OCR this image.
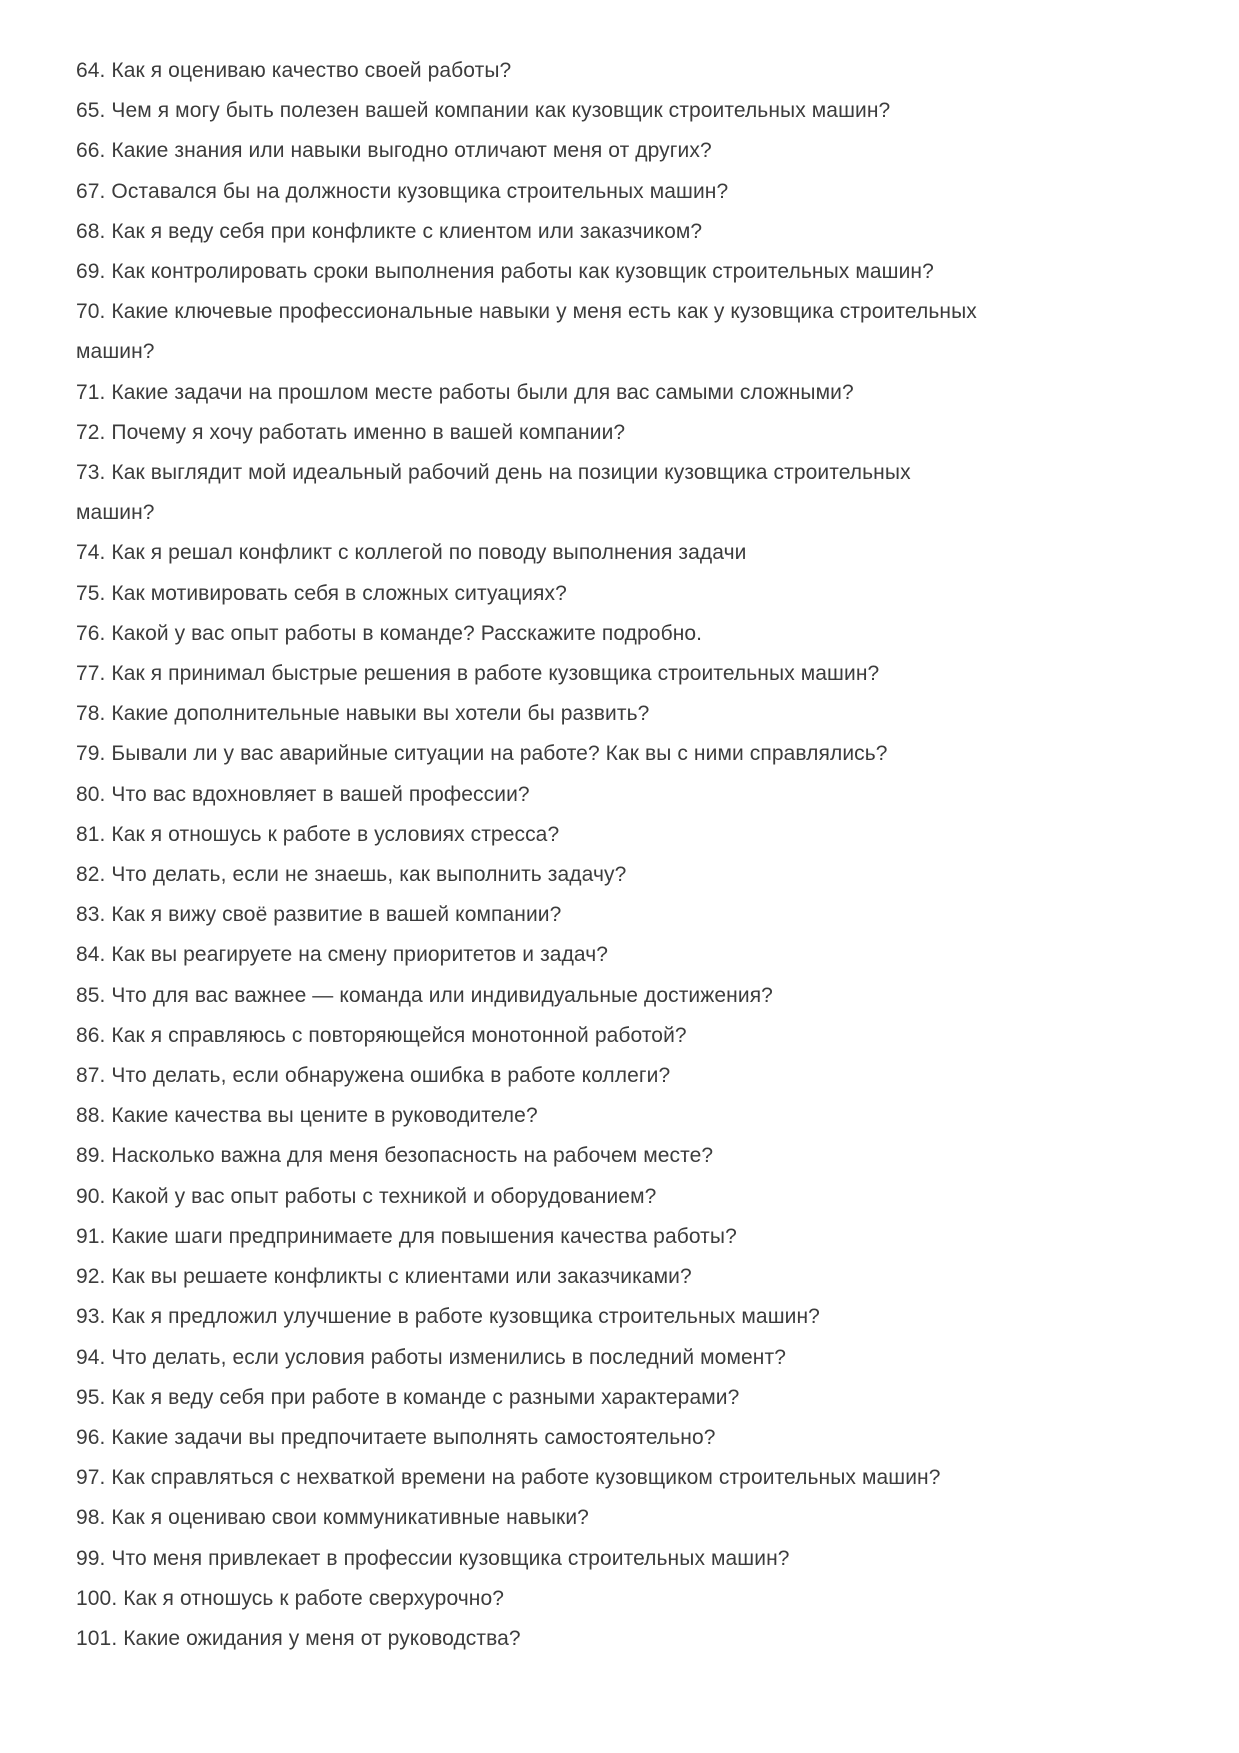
64. Как я оцениваю качество своей работы?

65. Чем я могу быть полезен вашей компании как кузовщик строительных машин?

66. Какие знания или навыки выгодно отличают меня от других?

67. Оставался бы на должности кузовщика строительных машин?

68. Как я веду себя при конфликте с клиентом или заказчиком?

69. Как контролировать сроки выполнения работы как кузовщик строительных машин?

70. Какие ключевые профессиональные навыки у меня есть как у кузовщика строительных
машин?

71. Какие задачи на прошлом месте работы были для вас самыми сложными?

72. Почему я хочу работать именно в вашей компании?

73. Как выглядит мой идеальный рабочий день на позиции кузовщика строительных
машин?

74. Как я решал конфликт с коллегой по поводу выполнения задачи

75. Как мотивировать себя в сложных ситуациях?

76. Какой у вас опыт работы в команде? Расскажите подробно.

77. Как я принимал быстрые решения в работе кузовщика строительных машин?

78. Какие дополнительные навыки вы хотели бы развить?

79. Бывали ли у вас аварийные ситуации на работе? Как вы с ними справлялись?

80. Что вас вдохновляет в вашей профессии?

81. Как я отношусь к работе в условиях стресса?

82. Что делать, если не знаешь, как выполнить задачу?

83. Как я вижу своё развитие в вашей компании?

84. Как вы реагируете на смену приоритетов и задач?

85. Что для вас важнее — команда или индивидуальные достижения?

86. Как я справляюсь с повторяющейся монотонной работой?

87. Что делать, если обнаружена ошибка в работе коллеги?

88. Какие качества вы цените в руководителе?

89. Насколько важна для меня безопасность на рабочем месте?

90. Какой у вас опыт работы с техникой и оборудованием?

91. Какие шаги предпринимаете для повышения качества работы?

92. Как вы решаете конфликты с клиентами или заказчиками?

93. Как я предложил улучшение в работе кузовщика строительных машин?

94. Что делать, если условия работы изменились в последний момент?

95. Как я веду себя при работе в команде с разными характерами?

96. Какие задачи вы предпочитаете выполнять самостоятельно?

97. Как справляться с нехваткой времени на работе кузовщиком строительных машин?

98. Как я оцениваю свои коммуникативные навыки?

99. Что меня привлекает в профессии кузовщика строительных машин?

100. Как я отношусь к работе сверхурочно?

101. Какие ожидания у меня от руководства?
